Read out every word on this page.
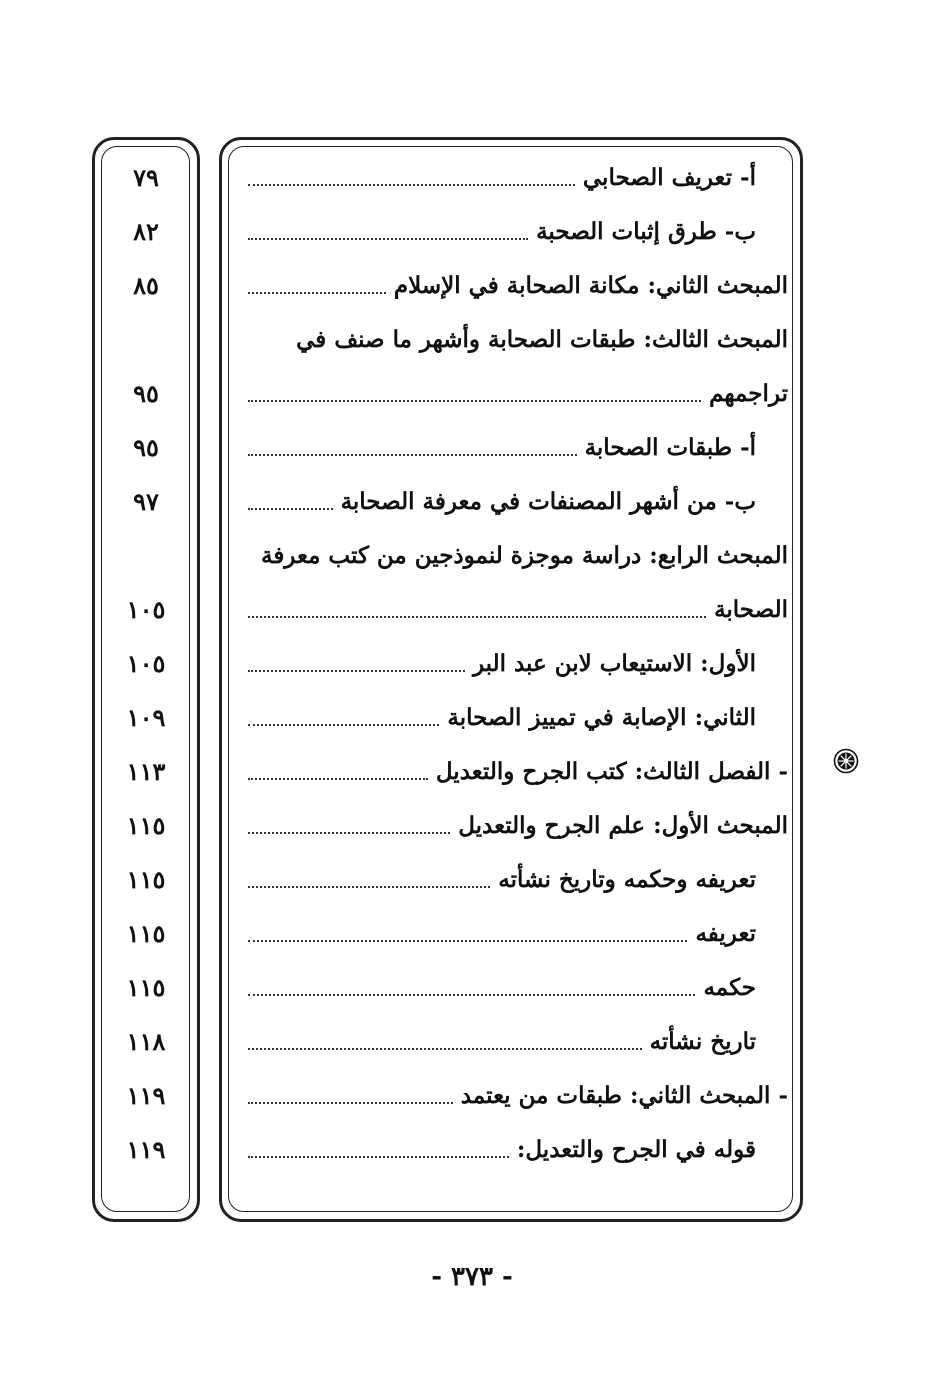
أ- تعريف الصحابي
ب- طرق إثبات الصحبة
المبحث الثاني: مكانة الصحابة في الإسلام
المبحث الثالث: طبقات الصحابة وأشهر ما صنف في
تراجمهم
أ- طبقات الصحابة
ب- من أشهر المصنفات في معرفة الصحابة
المبحث الرابع: دراسة موجزة لنموذجين من كتب معرفة
الصحابة
الأول: الاستيعاب لابن عبد البر
الثاني: الإصابة في تمييز الصحابة
- الفصل الثالث: كتب الجرح والتعديل
المبحث الأول: علم الجرح والتعديل
تعريفه وحكمه وتاريخ نشأته
تعريفه
حكمه
تاريخ نشأته
- المبحث الثاني: طبقات من يعتمد
قوله في الجرح والتعديل:
٧٩
٨٢
٨٥
٩٥
٩٥
٩٧
١٠٥
١٠٥
١٠٩
١١٣
١١٥
١١٥
١١٥
١١٥
١١٨
١١٩
١١٩
- ٣٧٣ -
